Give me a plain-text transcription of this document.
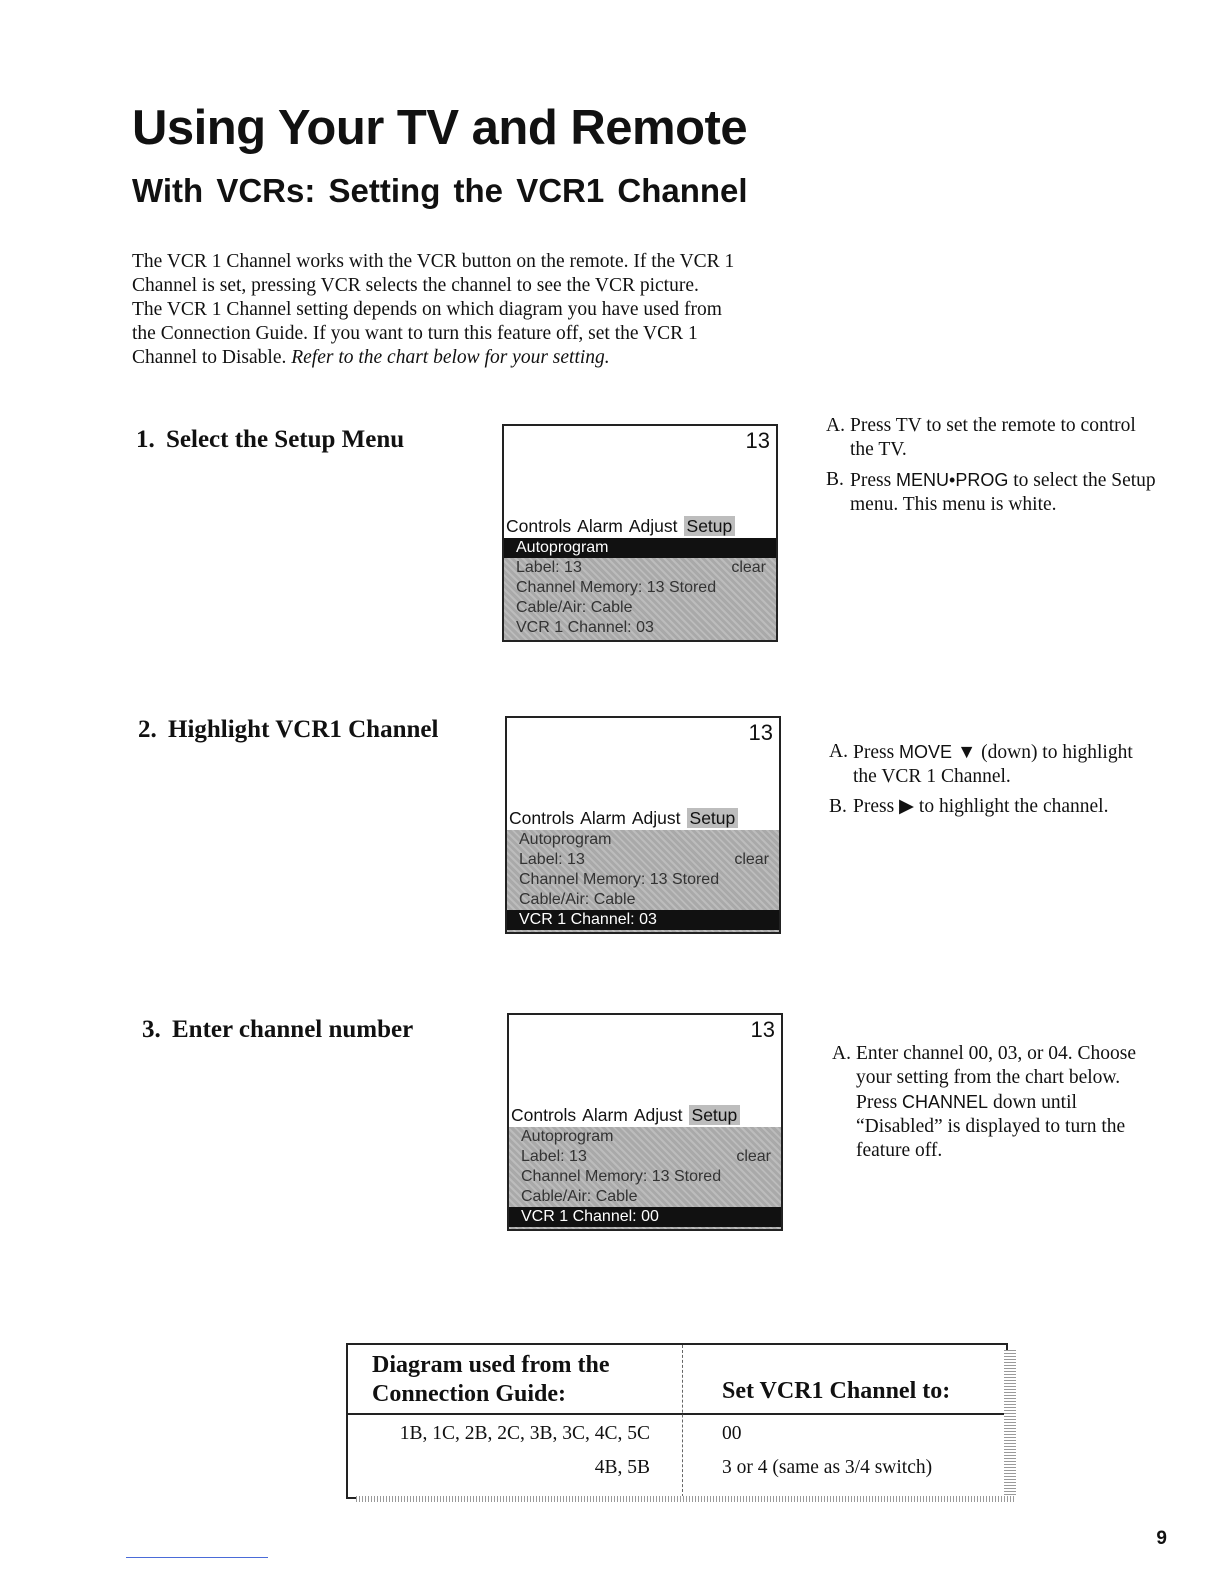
Using Your TV and Remote
With VCRs: Setting the VCR1 Channel
The VCR 1 Channel works with the VCR button on the remote. If the VCR 1
Channel is set, pressing VCR selects the channel to see the VCR picture.
The VCR 1 Channel setting depends on which diagram you have used from
the Connection Guide. If you want to turn this feature off, set the VCR 1
Channel to Disable. Refer to the chart below for your setting.
1. Select the Setup Menu	13
Controls Alarm Adjust Setup
Autoprogram
Label: 13	clear
Channel Memory: 13 Stored
Cable/Air: Cable
VCR 1 Channel: 03
A. Press TV to set the remote to control the TV.
B. Press MENU•PROG to select the Setup menu. This menu is white.
2. Highlight VCR1 Channel	13
Controls Alarm Adjust Setup
Autoprogram
Label: 13	clear
Channel Memory: 13 Stored
Cable/Air: Cable
VCR 1 Channel: 03
A. Press MOVE ▼ (down) to highlight the VCR 1 Channel.
B. Press ▶ to highlight the channel.
3. Enter channel number	13
Controls Alarm Adjust Setup
Autoprogram
Label: 13	clear
Channel Memory: 13 Stored
Cable/Air: Cable
VCR 1 Channel: 00
A. Enter channel 00, 03, or 04. Choose your setting from the chart below. Press CHANNEL down until “Disabled” is displayed to turn the feature off.
Diagram used from the
Connection Guide:	Set VCR1 Channel to:
1B, 1C, 2B, 2C, 3B, 3C, 4C, 5C	00
4B, 5B	3 or 4 (same as 3/4 switch)
9
